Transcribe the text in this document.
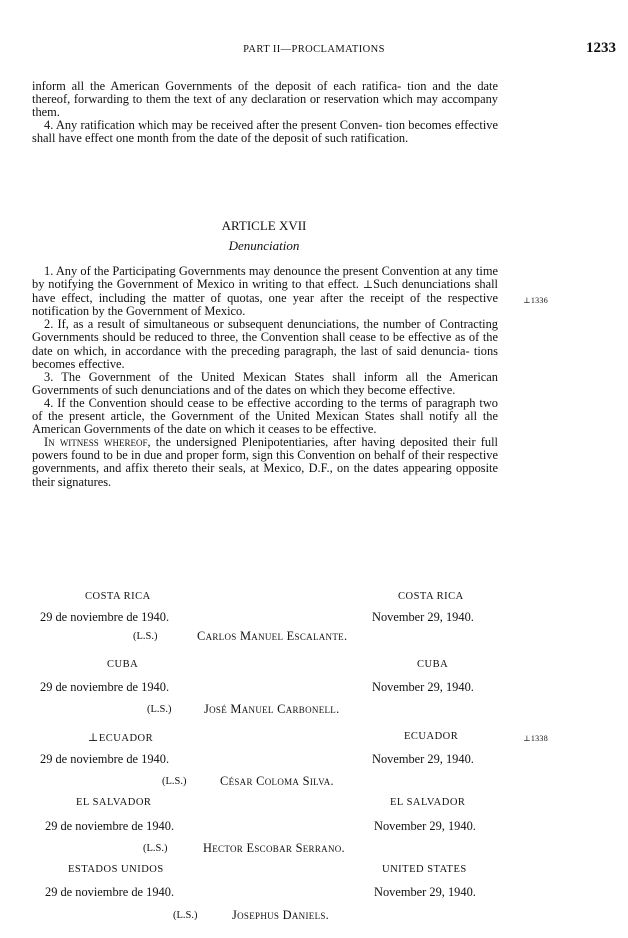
PART II—PROCLAMATIONS	1233

inform all the American Governments of the deposit of each ratifica- tion and the date thereof, forwarding to them the text of any declaration or reservation which may accompany them.

4. Any ratification which may be received after the present Conven- tion becomes effective shall have effect one month from the date of the deposit of such ratification.

ARTICLE XVII
Denunciation

1. Any of the Participating Governments may denounce the present Convention at any time by notifying the Government of Mexico in writing to that effect. ⊥Such denunciations shall have effect, including the matter of quotas, one year after the receipt of the respective notification by the Government of Mexico.

2. If, as a result of simultaneous or subsequent denunciations, the number of Contracting Governments should be reduced to three, the Convention shall cease to be effective as of the date on which, in accordance with the preceding paragraph, the last of said denuncia- tions becomes effective.

3. The Government of the United Mexican States shall inform all the American Governments of such denunciations and of the dates on which they become effective.

4. If the Convention should cease to be effective according to the terms of paragraph two of the present article, the Government of the United Mexican States shall notify all the American Governments of the date on which it ceases to be effective.

In witness whereof, the undersigned Plenipotentiaries, after having deposited their full powers found to be in due and proper form, sign this Convention on behalf of their respective governments, and affix thereto their seals, at Mexico, D.F., on the dates appearing opposite their signatures.

⊥1336
⊥1338
COSTA RICA	COSTA RICA
29 de noviembre de 1940.	November 29, 1940.
(L.S.)	Carlos Manuel Escalante.
CUBA	CUBA
29 de noviembre de 1940.	November 29, 1940.
(L.S.)	José Manuel Carbonell.
⊥ECUADOR	ECUADOR
29 de noviembre de 1940.	November 29, 1940.
(L.S.)	César Coloma Silva.
EL SALVADOR	EL SALVADOR
29 de noviembre de 1940.	November 29, 1940.
(L.S.)	Hector Escobar Serrano.
ESTADOS UNIDOS	UNITED STATES
29 de noviembre de 1940.	November 29, 1940.
(L.S.)	Josephus Daniels.
